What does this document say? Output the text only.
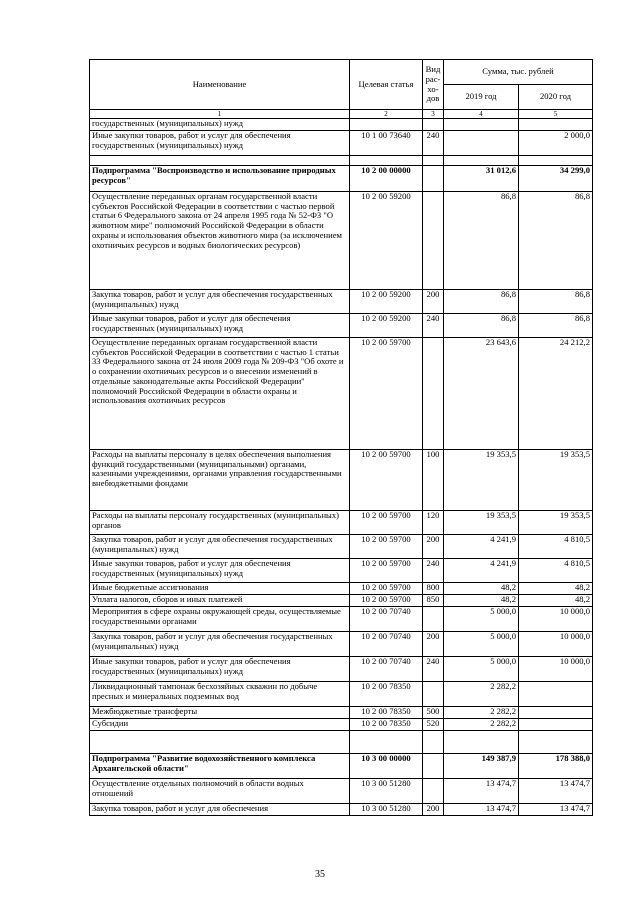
Наименование	Целевая статья	Вид рас- хо- дов	Сумма, тыс. рублей	
			2019 год	2020 год
1	2	3	4	5
государственных (муниципальных) нужд				
Иные закупки товаров, работ и услуг для обеспечения государственных (муниципальных) нужд	10 1 00 73640	240		2 000,0

Подпрограмма "Воспроизводство и использование природных ресурсов"	10 2 00 00000		31 012,6	34 299,0
Осуществление переданных органам государственной власти субъектов Российской Федерации в соответствии с частью первой статьи 6 Федерального закона от 24 апреля 1995 года № 52-ФЗ "О животном мире" полномочий Российской Федерации в области охраны и использования объектов животного мира (за исключением охотничьих ресурсов и водных биологических ресурсов)	10 2 00 59200		86,8	86,8
Закупка товаров, работ и услуг для обеспечения государственных (муниципальных) нужд	10 2 00 59200	200	86,8	86,8
Иные закупки товаров, работ и услуг для обеспечения государственных (муниципальных) нужд	10 2 00 59200	240	86,8	86,8
Осуществление переданных органам государственной власти субъектов Российской Федерации в соответствии с частью 1 статьи 33 Федерального закона от 24 июля 2009 года № 209-ФЗ "Об охоте и о сохранении охотничьих ресурсов и о внесении изменений в отдельные законодательные акты Российской Федерации" полномочий Российской Федерации в области охраны и использования охотничьих ресурсов	10 2 00 59700		23 643,6	24 212,2
Расходы на выплаты персоналу в целях обеспечения выполнения функций государственными (муниципальными) органами, казенными учреждениями, органами управления государственными внебюджетными фондами	10 2 00 59700	100	19 353,5	19 353,5
Расходы на выплаты персоналу государственных (муниципальных) органов	10 2 00 59700	120	19 353,5	19 353,5
Закупка товаров, работ и услуг для обеспечения государственных (муниципальных) нужд	10 2 00 59700	200	4 241,9	4 810,5
Иные закупки товаров, работ и услуг для обеспечения государственных (муниципальных) нужд	10 2 00 59700	240	4 241,9	4 810,5
Иные бюджетные ассигнования	10 2 00 59700	800	48,2	48,2
Уплата налогов, сборов и иных платежей	10 2 00 59700	850	48,2	48,2
Мероприятия в сфере охраны окружающей среды, осуществляемые государственными органами	10 2 00 70740		5 000,0	10 000,0
Закупка товаров, работ и услуг для обеспечения государственных (муниципальных) нужд	10 2 00 70740	200	5 000,0	10 000,0
Иные закупки товаров, работ и услуг для обеспечения государственных (муниципальных) нужд	10 2 00 70740	240	5 000,0	10 000,0
Ликвидационный тампонаж бесхозяйных скважин по добыче пресных и минеральных подземных вод	10 2 00 78350		2 282,2	
Межбюджетные трансферты	10 2 00 78350	500	2 282,2	
Субсидии	10 2 00 78350	520	2 282,2	

Подпрограмма "Развитие водохозяйственного комплекса Архангельской области"	10 3 00 00000		149 387,9	178 388,0
Осуществление отдельных полномочий в области водных отношений	10 3 00 51280		13 474,7	13 474,7
Закупка товаров, работ и услуг для обеспечения	10 3 00 51280	200	13 474,7	13 474,7
35
